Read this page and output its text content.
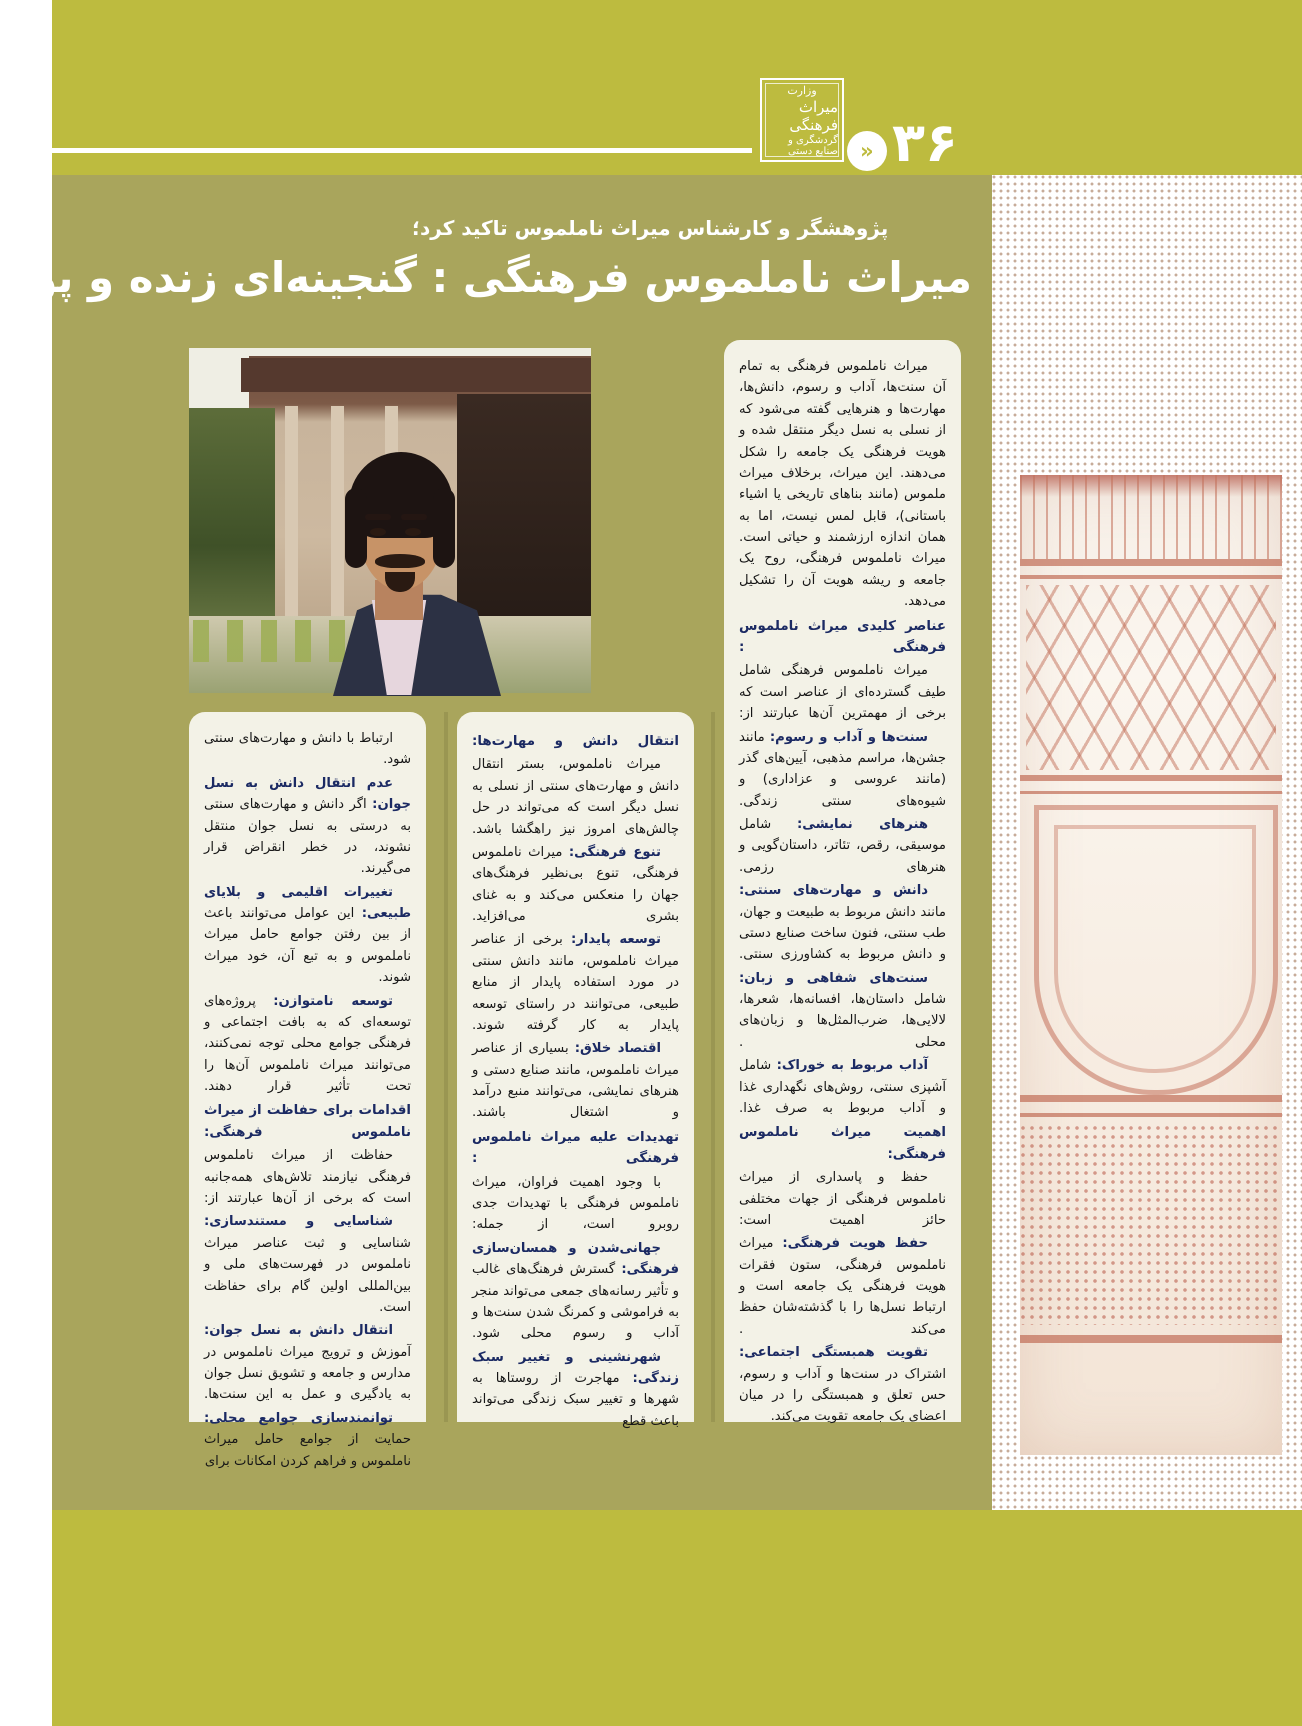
وزارت
میراث فرهنگی
گردشگری و صنایع دستی » ۳۶
پژوهشگر و کارشناس میراث ناملموس تاکید کرد؛
میراث ناملموس فرهنگی : گنجینه‌ای زنده و پویا

میراث ناملموس فرهنگی به تمام آن سنت‌ها، آداب و رسوم، دانش‌ها، مهارت‌ها و هنرهایی گفته می‌شود که از نسلی به نسل دیگر منتقل شده و هویت فرهنگی یک جامعه را شکل می‌دهند. این میراث، برخلاف میراث ملموس (مانند بناهای تاریخی یا اشیاء باستانی)، قابل لمس نیست، اما به همان اندازه ارزشمند و حیاتی است. میراث ناملموس فرهنگی، روح یک جامعه و ریشه هویت آن را تشکیل می‌دهد.

عناصر کلیدی میراث ناملموس فرهنگی :

میراث ناملموس فرهنگی شامل طیف گسترده‌ای از عناصر است که برخی از مهمترین آن‌ها عبارتند از:

سنت‌ها و آداب و رسوم: مانند جشن‌ها، مراسم مذهبی، آیین‌های گذر (مانند عروسی و عزاداری) و شیوه‌های سنتی زندگی.

هنرهای نمایشی: شامل موسیقی، رقص، تئاتر، داستان‌گویی و هنرهای رزمی.

دانش و مهارت‌های سنتی: مانند دانش مربوط به طبیعت و جهان، طب سنتی، فنون ساخت صنایع دستی و دانش مربوط به کشاورزی سنتی.

سنت‌های شفاهی و زبان: شامل داستان‌ها، افسانه‌ها، شعرها، لالایی‌ها، ضرب‌المثل‌ها و زبان‌های محلی .

آداب مربوط به خوراک: شامل آشپزی سنتی، روش‌های نگهداری غذا و آداب مربوط به صرف غذا.

اهمیت میراث ناملموس فرهنگی:

حفظ و پاسداری از میراث ناملموس فرهنگی از جهات مختلفی حائز اهمیت است:

حفظ هویت فرهنگی: میراث ناملموس فرهنگی، ستون فقرات هویت فرهنگی یک جامعه است و ارتباط نسل‌ها را با گذشته‌شان حفظ می‌کند .

تقویت همبستگی اجتماعی: اشتراک در سنت‌ها و آداب و رسوم، حس تعلق و همبستگی را در میان اعضای یک جامعه تقویت می‌کند.

انتقال دانش و مهارت‌ها:

میراث ناملموس، بستر انتقال دانش و مهارت‌های سنتی از نسلی به نسل دیگر است که می‌تواند در حل چالش‌های امروز نیز راهگشا باشد.

تنوع فرهنگی: میراث ناملموس فرهنگی، تنوع بی‌نظیر فرهنگ‌های جهان را منعکس می‌کند و به غنای بشری می‌افزاید.

توسعه پایدار: برخی از عناصر میراث ناملموس، مانند دانش سنتی در مورد استفاده پایدار از منابع طبیعی، می‌توانند در راستای توسعه پایدار به کار گرفته شوند.

اقتصاد خلاق: بسیاری از عناصر میراث ناملموس، مانند صنایع دستی و هنرهای نمایشی، می‌توانند منبع درآمد و اشتغال باشند.

تهدیدات علیه میراث ناملموس فرهنگی :

با وجود اهمیت فراوان، میراث ناملموس فرهنگی با تهدیدات جدی روبرو است، از جمله:

جهانی‌شدن و همسان‌سازی فرهنگی: گسترش فرهنگ‌های غالب و تأثیر رسانه‌های جمعی می‌تواند منجر به فراموشی و کمرنگ شدن سنت‌ها و آداب و رسوم محلی شود.

شهرنشینی و تغییر سبک زندگی: مهاجرت از روستاها به شهرها و تغییر سبک زندگی می‌تواند باعث قطع

ارتباط با دانش و مهارت‌های سنتی شود.

عدم انتقال دانش به نسل جوان: اگر دانش و مهارت‌های سنتی به درستی به نسل جوان منتقل نشوند، در خطر انقراض قرار می‌گیرند.

تغییرات اقلیمی و بلایای طبیعی: این عوامل می‌توانند باعث از بین رفتن جوامع حامل میراث ناملموس و به تبع آن، خود میراث شوند.

توسعه نامتوازن: پروژه‌های توسعه‌ای که به بافت اجتماعی و فرهنگی جوامع محلی توجه نمی‌کنند، می‌توانند میراث ناملموس آن‌ها را تحت تأثیر قرار دهند.

اقدامات برای حفاظت از میراث ناملموس فرهنگی:

حفاظت از میراث ناملموس فرهنگی نیازمند تلاش‌های همه‌جانبه است که برخی از آن‌ها عبارتند از:

شناسایی و مستندسازی: شناسایی و ثبت عناصر میراث ناملموس در فهرست‌های ملی و بین‌المللی اولین گام برای حفاظت است.

انتقال دانش به نسل جوان: آموزش و ترویج میراث ناملموس در مدارس و جامعه و تشویق نسل جوان به یادگیری و عمل به این سنت‌ها.

توانمندسازی جوامع محلی: حمایت از جوامع حامل میراث ناملموس و فراهم کردن امکانات برای
